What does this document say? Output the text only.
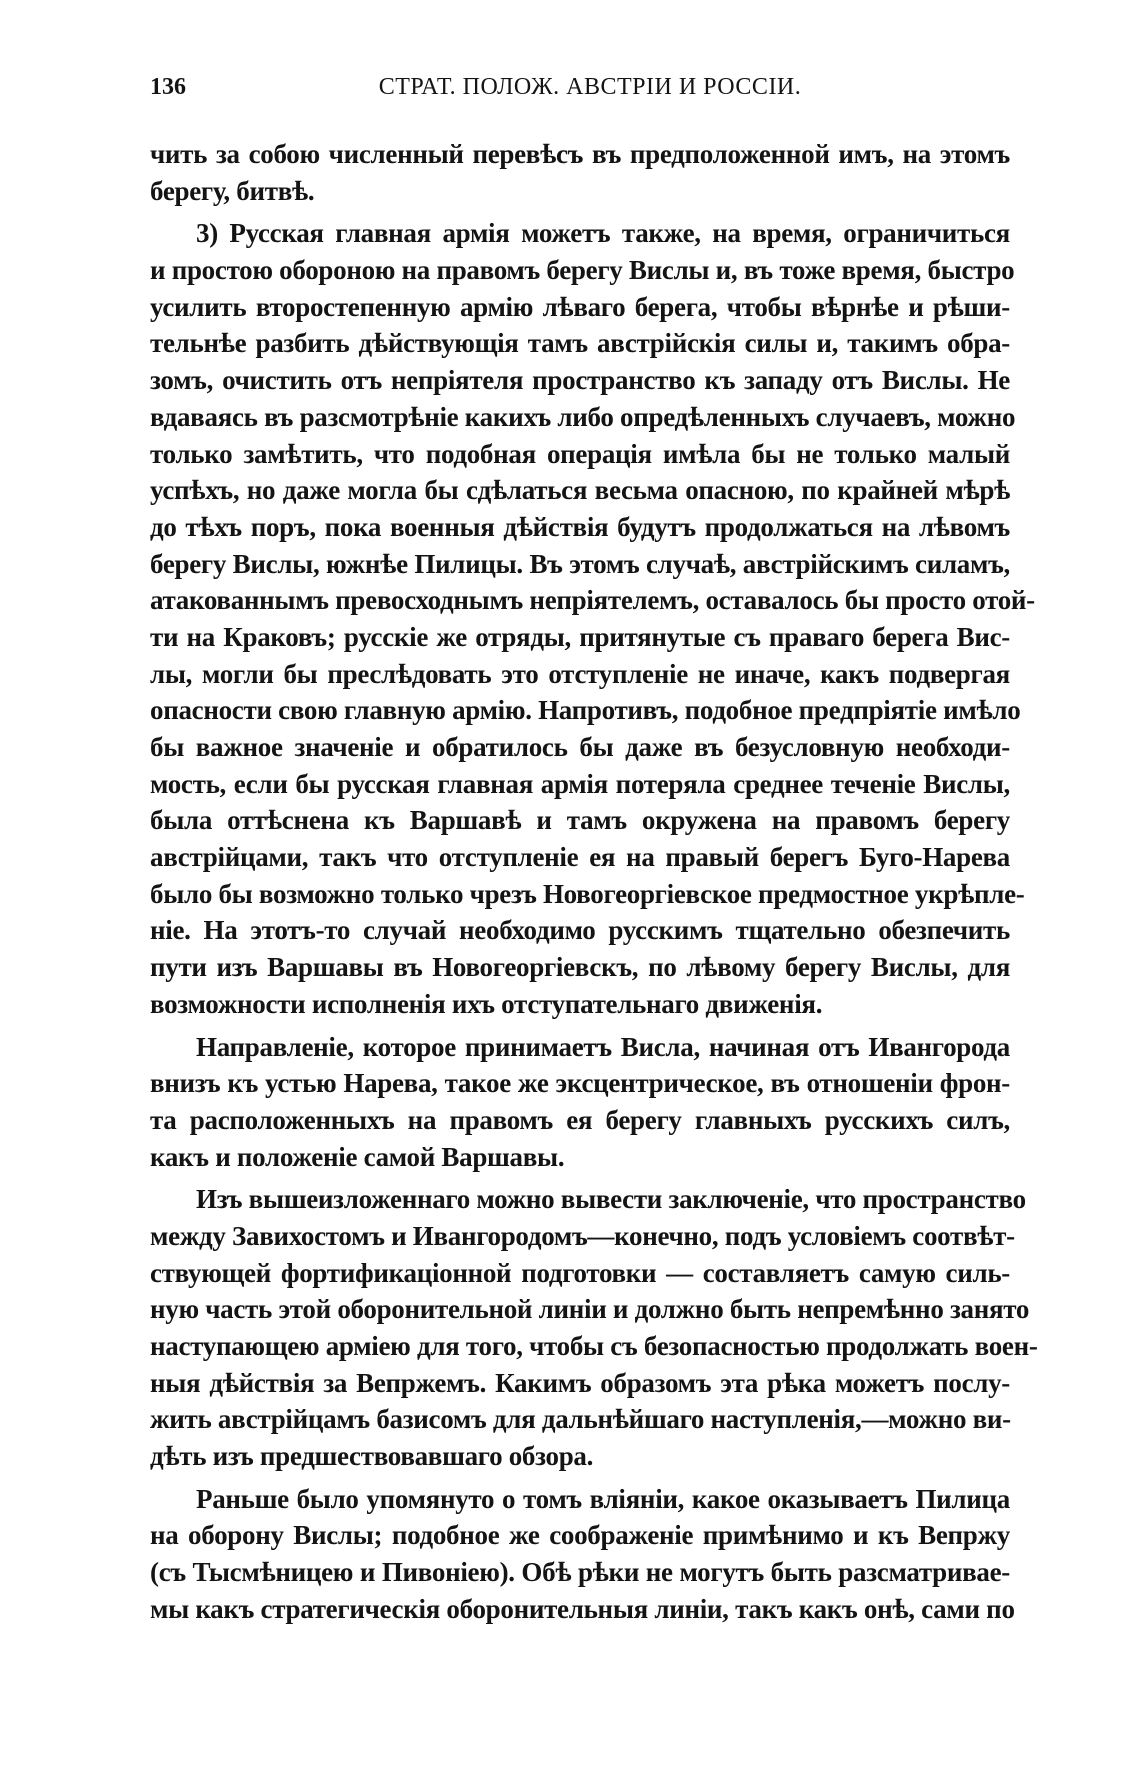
136	СТРАТ. ПОЛОЖ. АВСТРІИ И РОССІИ.
чить за собою численный перевѣсъ въ предположенной имъ, на этомъ
берегу, битвѣ.
3) Русская главная армія можетъ также, на время, ограничиться
и простою обороною на правомъ берегу Вислы и, въ тоже время, быстро
усилить второстепенную армію лѣваго берега, чтобы вѣрнѣе и рѣши-
тельнѣе разбить дѣйствующія тамъ австрійскія силы и, такимъ обра-
зомъ, очистить отъ непріятеля пространство къ западу отъ Вислы. Не
вдаваясь въ разсмотрѣніе какихъ либо опредѣленныхъ случаевъ, можно
только замѣтить, что подобная операція имѣла бы не только малый
успѣхъ, но даже могла бы сдѣлаться весьма опасною, по крайней мѣрѣ
до тѣхъ поръ, пока военныя дѣйствія будутъ продолжаться на лѣвомъ
берегу Вислы, южнѣе Пилицы. Въ этомъ случаѣ, австрійскимъ силамъ,
атакованнымъ превосходнымъ непріятелемъ, оставалось бы просто отой-
ти на Краковъ; русскіе же отряды, притянутые съ праваго берега Вис-
лы, могли бы преслѣдовать это отступленіе не иначе, какъ подвергая
опасности свою главную армію. Напротивъ, подобное предпріятіе имѣло
бы важное значеніе и обратилось бы даже въ безусловную необходи-
мость, если бы русская главная армія потеряла среднее теченіе Вислы,
была оттѣснена къ Варшавѣ и тамъ окружена на правомъ берегу
австрійцами, такъ что отступленіе ея на правый берегъ Буго-Нарева
было бы возможно только чрезъ Новогеоргіевское предмостное укрѣпле-
ніе. На этотъ-то случай необходимо русскимъ тщательно обезпечить
пути изъ Варшавы въ Новогеоргіевскъ, по лѣвому берегу Вислы, для
возможности исполненія ихъ отступательнаго движенія.
Направленіе, которое принимаетъ Висла, начиная отъ Ивангорода
внизъ къ устью Нарева, такое же эксцентрическое, въ отношеніи фрон-
та расположенныхъ на правомъ ея берегу главныхъ русскихъ силъ,
какъ и положеніе самой Варшавы.
Изъ вышеизложеннаго можно вывести заключеніе, что пространство
между Завихостомъ и Ивангородомъ—конечно, подъ условіемъ соотвѣт-
ствующей фортификаціонной подготовки — составляетъ самую силь-
ную часть этой оборонительной линіи и должно быть непремѣнно занято
наступающею арміею для того, чтобы съ безопасностью продолжать воен-
ныя дѣйствія за Вепржемъ. Какимъ образомъ эта рѣка можетъ послу-
жить австрійцамъ базисомъ для дальнѣйшаго наступленія,—можно ви-
дѣть изъ предшествовавшаго обзора.
Раньше было упомянуто о томъ вліяніи, какое оказываетъ Пилица
на оборону Вислы; подобное же соображеніе примѣнимо и къ Вепржу
(съ Тысмѣницею и Пивоніею). Обѣ рѣки не могутъ быть разсматривае-
мы какъ стратегическія оборонительныя линіи, такъ какъ онѣ, сами по
